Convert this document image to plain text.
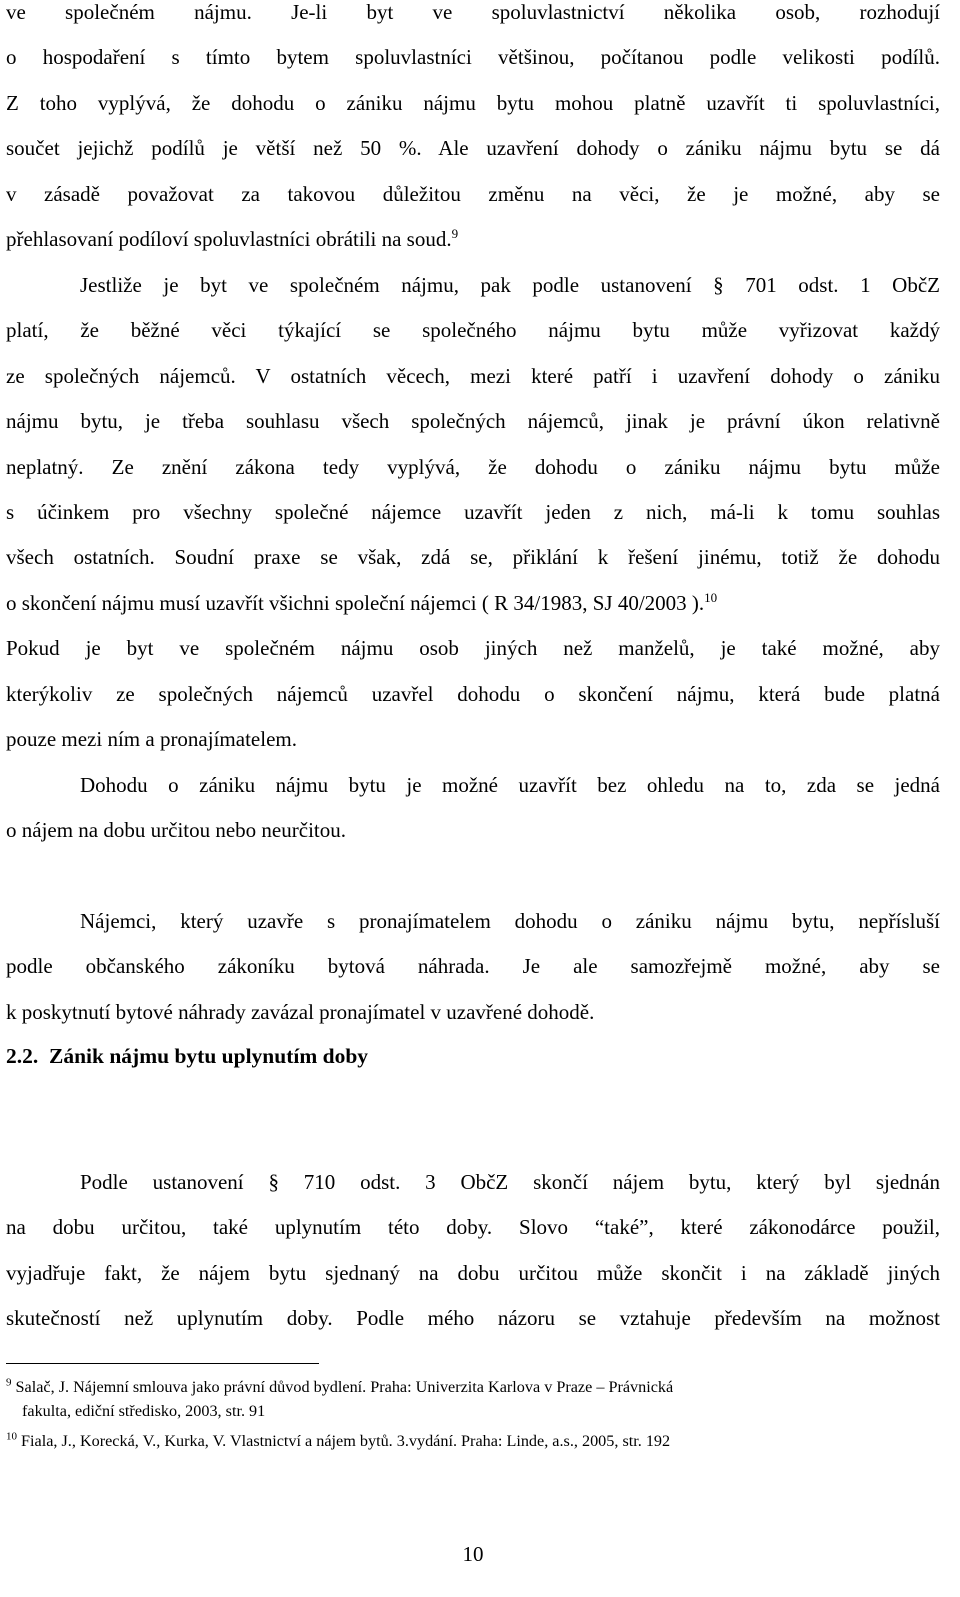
ve společném nájmu. Je-li byt ve spoluvlastnictví několika osob, rozhodují
o hospodaření s tímto bytem spoluvlastníci většinou, počítanou podle velikosti podílů.
Z toho vyplývá, že dohodu o zániku nájmu bytu mohou platně uzavřít ti spoluvlastníci,
součet jejichž podílů je větší než 50 %. Ale uzavření dohody o zániku nájmu bytu se dá
v zásadě považovat za takovou důležitou změnu na věci, že je možné, aby se
přehlasovaní podíloví spoluvlastníci obrátili na soud.$^9$
Jestliže je byt ve společném nájmu, pak podle ustanovení § 701 odst. 1 ObčZ
platí, že běžné věci týkající se společného nájmu bytu může vyřizovat každý
ze společných nájemců. V ostatních věcech, mezi které patří i uzavření dohody o zániku
nájmu bytu, je třeba souhlasu všech společných nájemců, jinak je právní úkon relativně
neplatný. Ze znění zákona tedy vyplývá, že dohodu o zániku nájmu bytu může
s účinkem pro všechny společné nájemce uzavřít jeden z nich, má-li k tomu souhlas
všech ostatních. Soudní praxe se však, zdá se, přiklání k řešení jinému, totiž že dohodu
o skončení nájmu musí uzavřít všichni společní nájemci ( R 34/1983, SJ 40/2003 ).$^{10}$
Pokud je byt ve společném nájmu osob jiných než manželů, je také možné, aby
kterýkoliv ze společných nájemců uzavřel dohodu o skončení nájmu, která bude platná
pouze mezi ním a pronajímatelem.
Dohodu o zániku nájmu bytu je možné uzavřít bez ohledu na to, zda se jedná
o nájem na dobu určitou nebo neurčitou.
Nájemci, který uzavře s pronajímatelem dohodu o zániku nájmu bytu, nepřísluší
podle občanského zákoníku bytová náhrada. Je ale samozřejmě možné, aby se
k poskytnutí bytové náhrady zavázal pronajímatel v uzavřené dohodě.
2.2.  Zánik nájmu bytu uplynutím doby
Podle ustanovení § 710 odst. 3 ObčZ skončí nájem bytu, který byl sjednán
na dobu určitou, také uplynutím této doby. Slovo “také”, které zákonodárce použil,
vyjadřuje fakt, že nájem bytu sjednaný na dobu určitou může skončit i na základě jiných
skutečností než uplynutím doby. Podle mého názoru se vztahuje především na možnost
$^9$ Salač, J. Nájemní smlouva jako právní důvod bydlení. Praha: Univerzita Karlova v Praze – Právnická
fakulta, ediční středisko, 2003, str. 91
$^{10}$ Fiala, J., Korecká, V., Kurka, V. Vlastnictví a nájem bytů. 3.vydání. Praha: Linde, a.s., 2005, str. 192
10
